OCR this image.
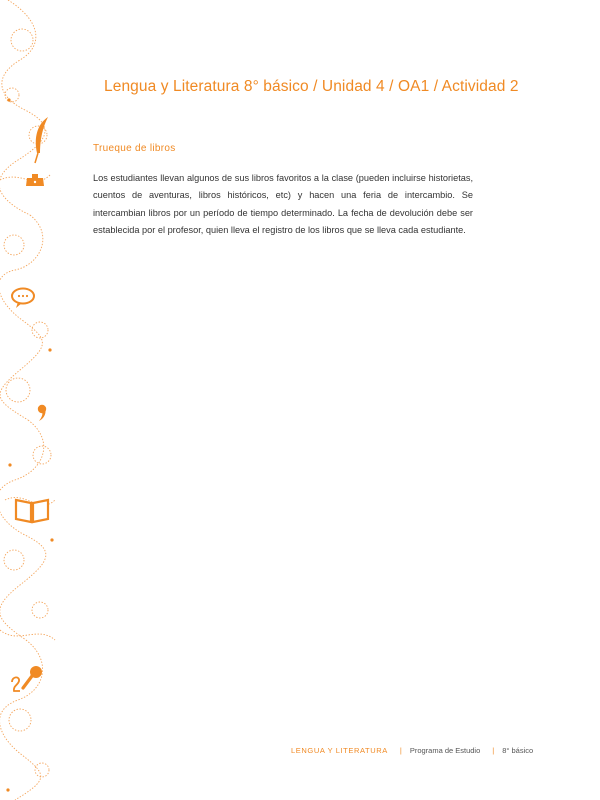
Lengua y Literatura 8° básico / Unidad 4 / OA1 / Actividad 2
Trueque de libros
Los estudiantes llevan algunos de sus libros favoritos a la clase (pueden incluirse historietas, cuentos de aventuras, libros históricos, etc) y hacen una feria de intercambio. Se intercambian libros por un período de tiempo determinado. La fecha de devolución debe ser establecida por el profesor, quien lleva el registro de los libros que se lleva cada estudiante.
LENGUA Y LITERATURA | Programa de Estudio | 8° básico
